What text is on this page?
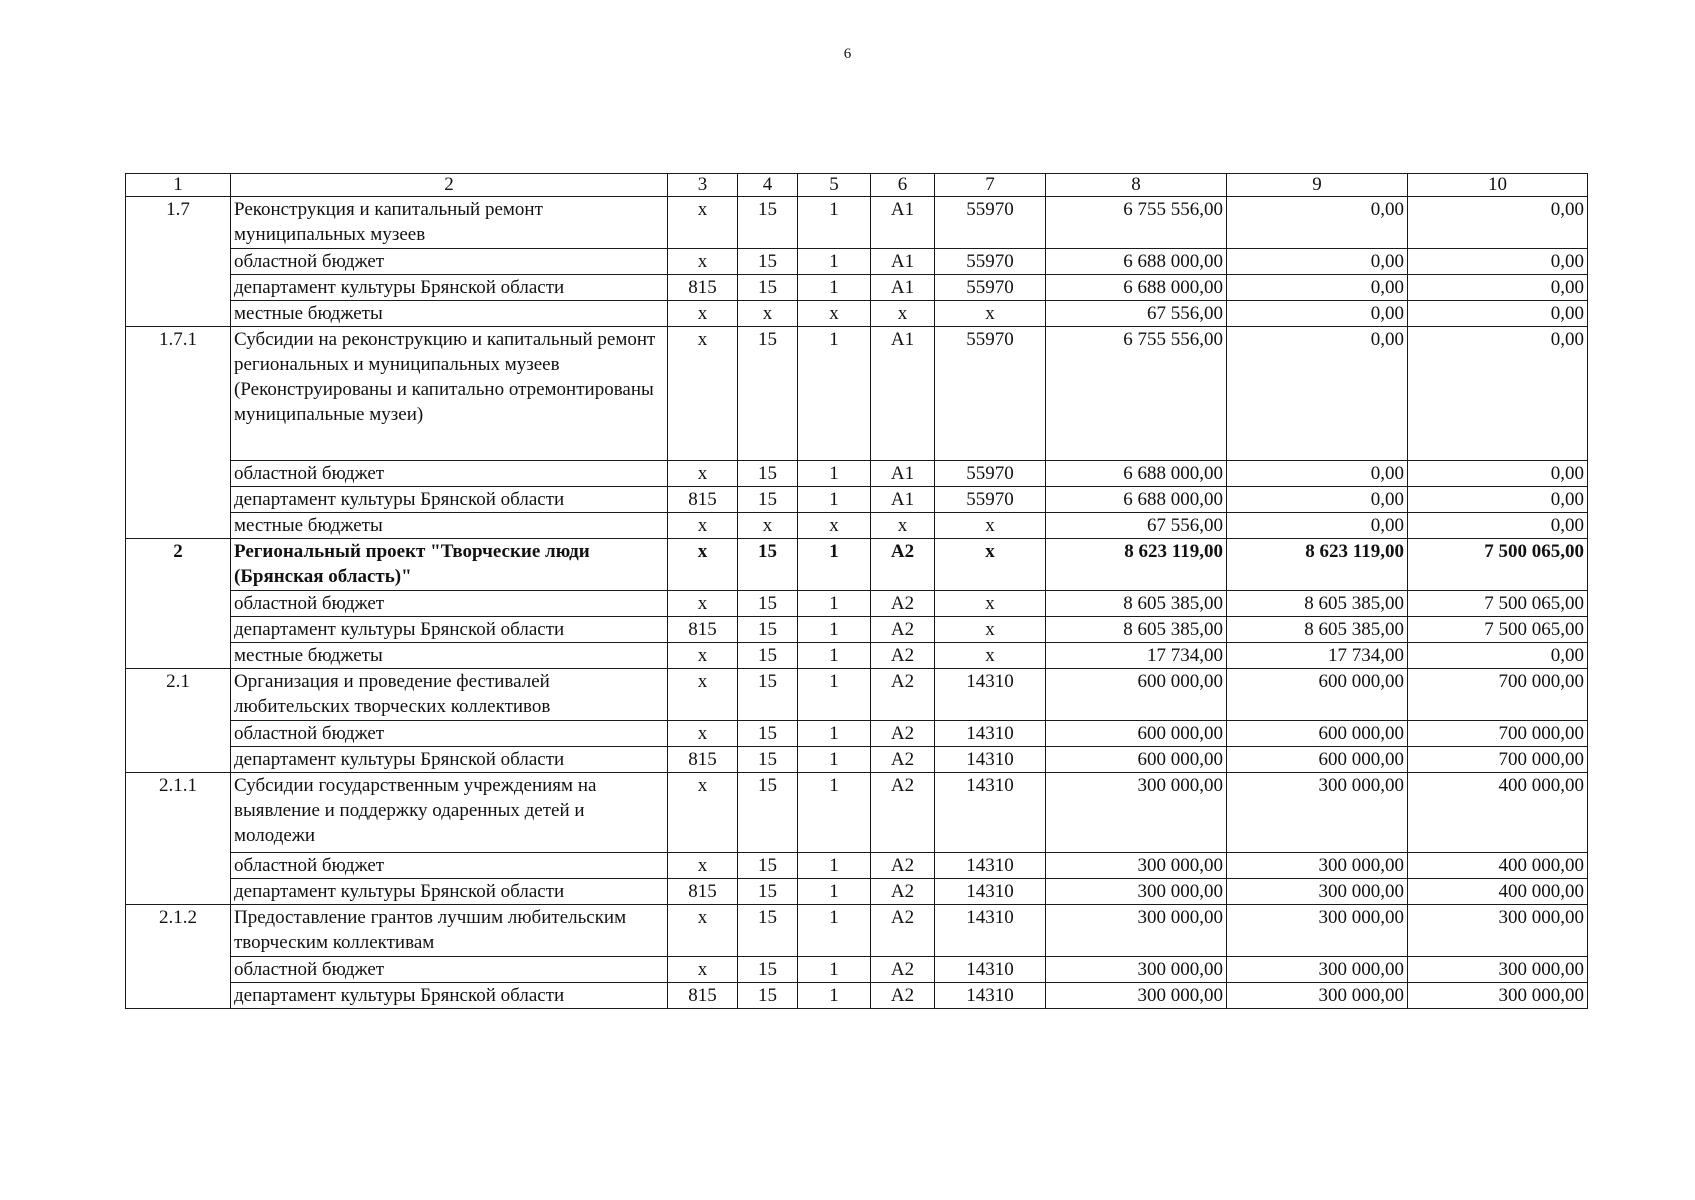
6
1	2	3	4	5	6	7	8	9	10
1.7	Реконструкция и капитальный ремонт муниципальных музеев	х	15	1	А1	55970	6 755 556,00	0,00	0,00
	областной бюджет	х	15	1	А1	55970	6 688 000,00	0,00	0,00
	департамент культуры Брянской области	815	15	1	А1	55970	6 688 000,00	0,00	0,00
	местные бюджеты	х	х	х	х	х	67 556,00	0,00	0,00
1.7.1	Субсидии на реконструкцию и капитальный ремонт региональных и муниципальных музеев (Реконструированы и капитально отремонтированы муниципальные музеи)	х	15	1	А1	55970	6 755 556,00	0,00	0,00
	областной бюджет	х	15	1	А1	55970	6 688 000,00	0,00	0,00
	департамент культуры Брянской области	815	15	1	А1	55970	6 688 000,00	0,00	0,00
	местные бюджеты	х	х	х	х	х	67 556,00	0,00	0,00
2	Региональный проект "Творческие люди (Брянская область)"	х	15	1	А2	х	8 623 119,00	8 623 119,00	7 500 065,00
	областной бюджет	х	15	1	А2	х	8 605 385,00	8 605 385,00	7 500 065,00
	департамент культуры Брянской области	815	15	1	А2	х	8 605 385,00	8 605 385,00	7 500 065,00
	местные бюджеты	х	15	1	А2	х	17 734,00	17 734,00	0,00
2.1	Организация и проведение фестивалей любительских творческих коллективов	х	15	1	А2	14310	600 000,00	600 000,00	700 000,00
	областной бюджет	х	15	1	А2	14310	600 000,00	600 000,00	700 000,00
	департамент культуры Брянской области	815	15	1	А2	14310	600 000,00	600 000,00	700 000,00
2.1.1	Субсидии государственным учреждениям на выявление и поддержку одаренных детей и молодежи	х	15	1	А2	14310	300 000,00	300 000,00	400 000,00
	областной бюджет	х	15	1	А2	14310	300 000,00	300 000,00	400 000,00
	департамент культуры Брянской области	815	15	1	А2	14310	300 000,00	300 000,00	400 000,00
2.1.2	Предоставление грантов лучшим любительским творческим коллективам	х	15	1	А2	14310	300 000,00	300 000,00	300 000,00
	областной бюджет	х	15	1	А2	14310	300 000,00	300 000,00	300 000,00
	департамент культуры Брянской области	815	15	1	А2	14310	300 000,00	300 000,00	300 000,00
